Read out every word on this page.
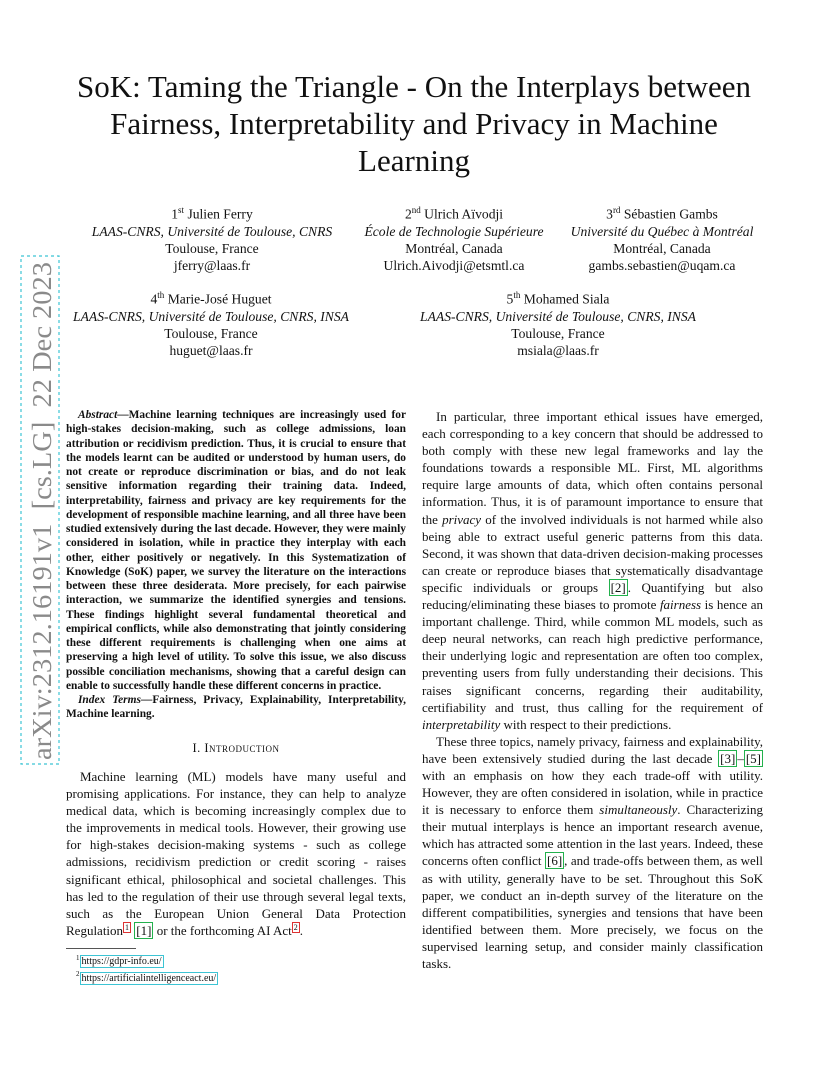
arXiv:2312.16191v1  [cs.LG]  22 Dec 2023
SoK: Taming the Triangle - On the Interplays between Fairness, Interpretability and Privacy in Machine Learning
1st Julien Ferry
LAAS-CNRS, Université de Toulouse, CNRS
Toulouse, France
jferry@laas.fr
2nd Ulrich Aïvodji
École de Technologie Supérieure
Montréal, Canada
Ulrich.Aivodji@etsmtl.ca
3rd Sébastien Gambs
Université du Québec à Montréal
Montréal, Canada
gambs.sebastien@uqam.ca
4th Marie-José Huguet
LAAS-CNRS, Université de Toulouse, CNRS, INSA
Toulouse, France
huguet@laas.fr
5th Mohamed Siala
LAAS-CNRS, Université de Toulouse, CNRS, INSA
Toulouse, France
msiala@laas.fr

Abstract—Machine learning techniques are increasingly used for high-stakes decision-making, such as college admissions, loan attribution or recidivism prediction. Thus, it is crucial to ensure that the models learnt can be audited or understood by human users, do not create or reproduce discrimination or bias, and do not leak sensitive information regarding their training data. Indeed, interpretability, fairness and privacy are key requirements for the development of responsible machine learning, and all three have been studied extensively during the last decade. However, they were mainly considered in isolation, while in practice they interplay with each other, either positively or negatively. In this Systematization of Knowledge (SoK) paper, we survey the literature on the interactions between these three desiderata. More precisely, for each pairwise interaction, we summarize the identified synergies and tensions. These findings highlight several fundamental theoretical and empirical conflicts, while also demonstrating that jointly considering these different requirements is challenging when one aims at preserving a high level of utility. To solve this issue, we also discuss possible conciliation mechanisms, showing that a careful design can enable to successfully handle these different concerns in practice.

Index Terms—Fairness, Privacy, Explainability, Interpretability, Machine learning.

I. Introduction

Machine learning (ML) models have many useful and promising applications. For instance, they can help to analyze medical data, which is becoming increasingly complex due to the improvements in medical tools. However, their growing use for high-stakes decision-making systems - such as college admissions, recidivism prediction or credit scoring - raises significant ethical, philosophical and societal challenges. This has led to the regulation of their use through several legal texts, such as the European Union General Data Protection Regulation $^1$ [1] or the forthcoming AI Act $^2$ .

$^1$ https://gdpr-info.eu/
$^2$ https://artificialintelligenceact.eu/

In particular, three important ethical issues have emerged, each corresponding to a key concern that should be addressed to both comply with these new legal frameworks and lay the foundations towards a responsible ML. First, ML algorithms require large amounts of data, which often contains personal information. Thus, it is of paramount importance to ensure that the privacy of the involved individuals is not harmed while also being able to extract useful generic patterns from this data. Second, it was shown that data-driven decision-making processes can create or reproduce biases that systematically disadvantage specific individuals or groups [2] . Quantifying but also reducing/eliminating these biases to promote fairness is hence an important challenge. Third, while common ML models, such as deep neural networks, can reach high predictive performance, their underlying logic and representation are often too complex, preventing users from fully understanding their decisions. This raises significant concerns, regarding their auditability, certifiability and trust, thus calling for the requirement of interpretability with respect to their predictions.

These three topics, namely privacy, fairness and explainability, have been extensively studied during the last decade [3] – [5] with an emphasis on how they each trade-off with utility. However, they are often considered in isolation, while in practice it is necessary to enforce them simultaneously. Characterizing their mutual interplays is hence an important research avenue, which has attracted some attention in the last years. Indeed, these concerns often conflict [6] , and trade-offs between them, as well as with utility, generally have to be set. Throughout this SoK paper, we conduct an in-depth survey of the literature on the different compatibilities, synergies and tensions that have been identified between them. More precisely, we focus on the supervised learning setup, and consider mainly classification tasks.
